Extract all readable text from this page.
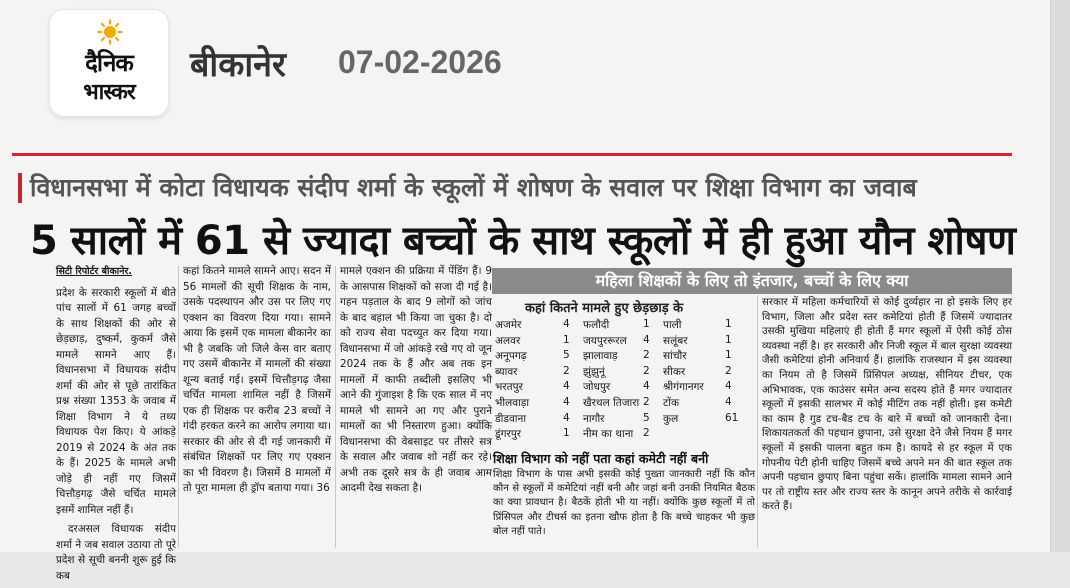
दैनिक
भास्कर
बीकानेर 07-02-2026
विधानसभा में कोटा विधायक संदीप शर्मा के स्कूलों में शोषण के सवाल पर शिक्षा विभाग का जवाब
5 सालों में 61 से ज्यादा बच्चों के साथ स्कूलों में ही हुआ यौन शोषण
सिटी रिपोर्टर बीकानेर.

प्रदेश के सरकारी स्कूलों में बीते पांच सालों में 61 जगह बच्चों के साथ शिक्षकों की ओर से छेड़छाड़, दुष्कर्म, कुकर्म जैसे मामले सामने आए हैं। विधानसभा में विधायक संदीप शर्मा की ओर से पूछे तारांकित प्रश्न संख्या 1353 के जवाब में शिक्षा विभाग ने ये तथ्य विधायक पेश किए। ये आंकड़े 2019 से 2024 के अंत तक के हैं। 2025 के मामले अभी जोड़े ही नहीं गए जिसमें चित्तौड़गढ़ जैसे चर्चित मामले इसमें शामिल नहीं हैं।

दरअसल विधायक संदीप शर्मा ने जब सवाल उठाया तो पूरे प्रदेश से सूची बननी शुरू हुई कि कब

कहां कितने मामले सामने आए। सदन में 56 मामलों की सूची शिक्षक के नाम, उसके पदस्थापन और उस पर लिए गए एक्शन का विवरण दिया गया। सामने आया कि इसमें एक मामला बीकानेर का भी है जबकि जो जिले केस वार बताए गए उसमें बीकानेर में मामलों की संख्या शून्य बताई गई। इसमें चित्तौड़गढ़ जैसा चर्चित मामला शामिल नहीं है जिसमें एक ही शिक्षक पर करीब 23 बच्चों ने गंदी हरकत करने का आरोप लगाया था। सरकार की ओर से दी गई जानकारी में संबंधित शिक्षकों पर लिए गए एक्शन का भी विवरण है। जिसमें 8 मामलों में तो पूरा मामला ही ड्रॉप बताया गया। 36

मामले एक्शन की प्रक्रिया में पेंडिंग हैं। 9 के आसपास शिक्षकों को सजा दी गई है। गहन पड़ताल के बाद 9 लोगों को जांच के बाद बहाल भी किया जा चुका है। दो को राज्य सेवा पदच्युत कर दिया गया। विधानसभा में जो आंकड़े रखे गए वो जून 2024 तक के हैं और अब तक इन मामलों में काफी तब्दीली इसलिए भी आने की गुंजाइश है कि एक साल में नए मामले भी सामने आ गए और पुराने मामलों का भी निस्तारण हुआ। क्योंकि विधानसभा की वेबसाइट पर तीसरे सत्र के सवाल और जवाब शो नहीं कर रहे। अभी तक दूसरे सत्र के ही जवाब आम आदमी देख सकता है।

महिला शिक्षकों के लिए तो इंतजार, बच्चों के लिए क्या
कहां कितने मामले हुए छेड़छाड़ के
अजमेर	4	फलौदी	1	पाली	1
अलवर	1	जयपुररूरल	4	सलूंबर	1
अनूपगढ़	5	झालावाड़	2	सांचौर	1
ब्यावर	2	झुंझुनूं	2	सीकर	2
भरतपुर	4	जोधपुर	4	श्रीगंगानगर	4
भीलवाड़ा	4	खैरथल तिजारा 2	टोंक	4
डीडवाना	4	नागौर	5	कुल	61
डूंगरपुर	1	नीम का थाना 2
शिक्षा विभाग को नहीं पता कहां कमेटी नहीं बनी
शिक्षा विभाग के पास अभी इसकी कोई पुख्ता जानकारी नहीं कि कौन कौन से स्कूलों में कमेटियां नहीं बनी और जहां बनी उनकी नियमित बैठक का क्या प्रावधान है। बैठकें होती भी या नहीं। क्योंकि कुछ स्कूलों में तो प्रिंसिपल और टीचर्स का इतना खौफ होता है कि बच्चे चाहकर भी कुछ बोल नहीं पाते।

सरकार में महिला कर्मचारियों से कोई दुर्व्यहार ना हो इसके लिए हर विभाग, जिला और प्रदेश स्तर कमेटियां होती हैं जिसमें ज्यादातर उसकी मुखिया महिलाएं ही होती हैं मगर स्कूलों में ऐसी कोई ठोस व्यवस्था नहीं है। हर सरकारी और निजी स्कूल में बाल सुरक्षा व्यवस्था जैसी कमेटियां होनी अनिवार्य हैं। हालांकि राजस्थान में इस व्यवस्था का नियम तो है जिसमें प्रिंसिपल अध्यक्ष, सीनियर टीचर, एक अभिभावक, एक काउंसर समेत अन्य सदस्य होते हैं मगर ज्यादातर स्कूलों में इसकी सालभर में कोई मीटिंग तक नहीं होती। इस कमेटी का काम है गुड टच-बैड टच के बारे में बच्चों को जानकारी देना। शिकायतकर्ता की पहचान छुपाना, उसे सुरक्षा देने जैसे नियम हैं मगर स्कूलों में इसकी पालना बहुत कम है। कायदे से हर स्कूल में एक गोपनीय पेटी होनी चाहिए जिसमें बच्चे अपने मन की बात स्कूल तक अपनी पहचान छुपाए बिना पहुंचा सकें। हालांकि मामला सामने आने पर तो राष्ट्रीय स्तर और राज्य स्तर के कानून अपने तरीके से कार्रवाई करते हैं।
